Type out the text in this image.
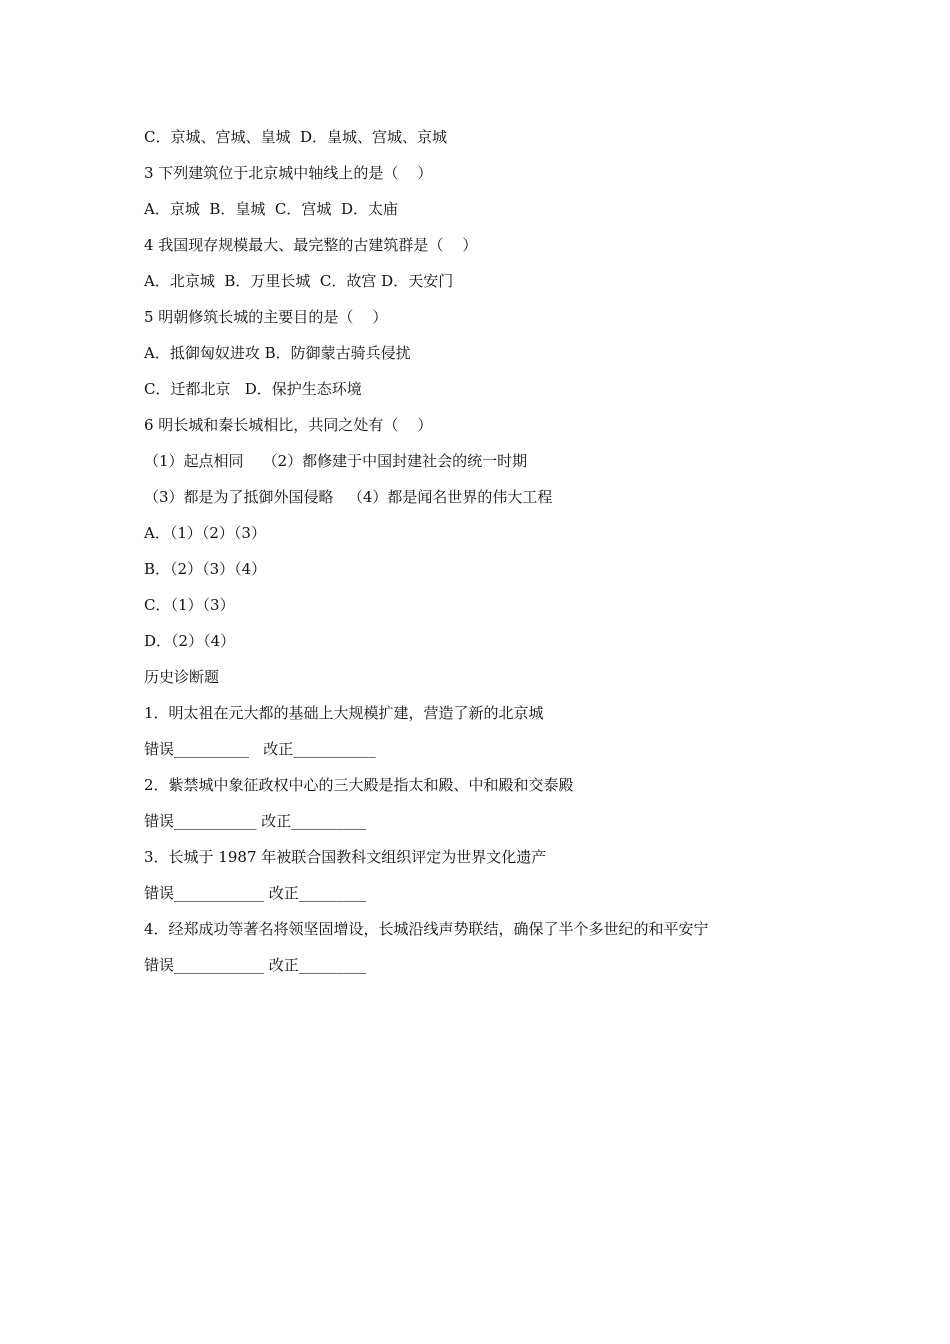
C．京城、宫城、皇城  D．皇城、宫城、京城
3 下列建筑位于北京城中轴线上的是（    ）
A．京城  B．皇城  C．宫城  D．太庙
4 我国现存规模最大、最完整的古建筑群是（    ）
A．北京城  B．万里长城  C．故宫 D．天安门
5 明朝修筑长城的主要目的是（    ）
A．抵御匈奴进攻 B．防御蒙古骑兵侵扰
C．迁都北京   D．保护生态环境
6 明长城和秦长城相比，共同之处有（    ）
（1）起点相同    （2）都修建于中国封建社会的统一时期
（3）都是为了抵御外国侵略   （4）都是闻名世界的伟大工程
A．（1）（2）（3）
B．（2）（3）（4）
C．（1）（3）
D．（2）（4）
历史诊断题
1．明太祖在元大都的基础上大规模扩建，营造了新的北京城
错误__________   改正___________
2．紫禁城中象征政权中心的三大殿是指太和殿、中和殿和交泰殿
错误___________ 改正__________
3．长城于 1987 年被联合国教科文组织评定为世界文化遗产
错误____________ 改正_________
4．经郑成功等著名将领坚固增设，长城沿线声势联结，确保了半个多世纪的和平安宁
错误____________ 改正_________
